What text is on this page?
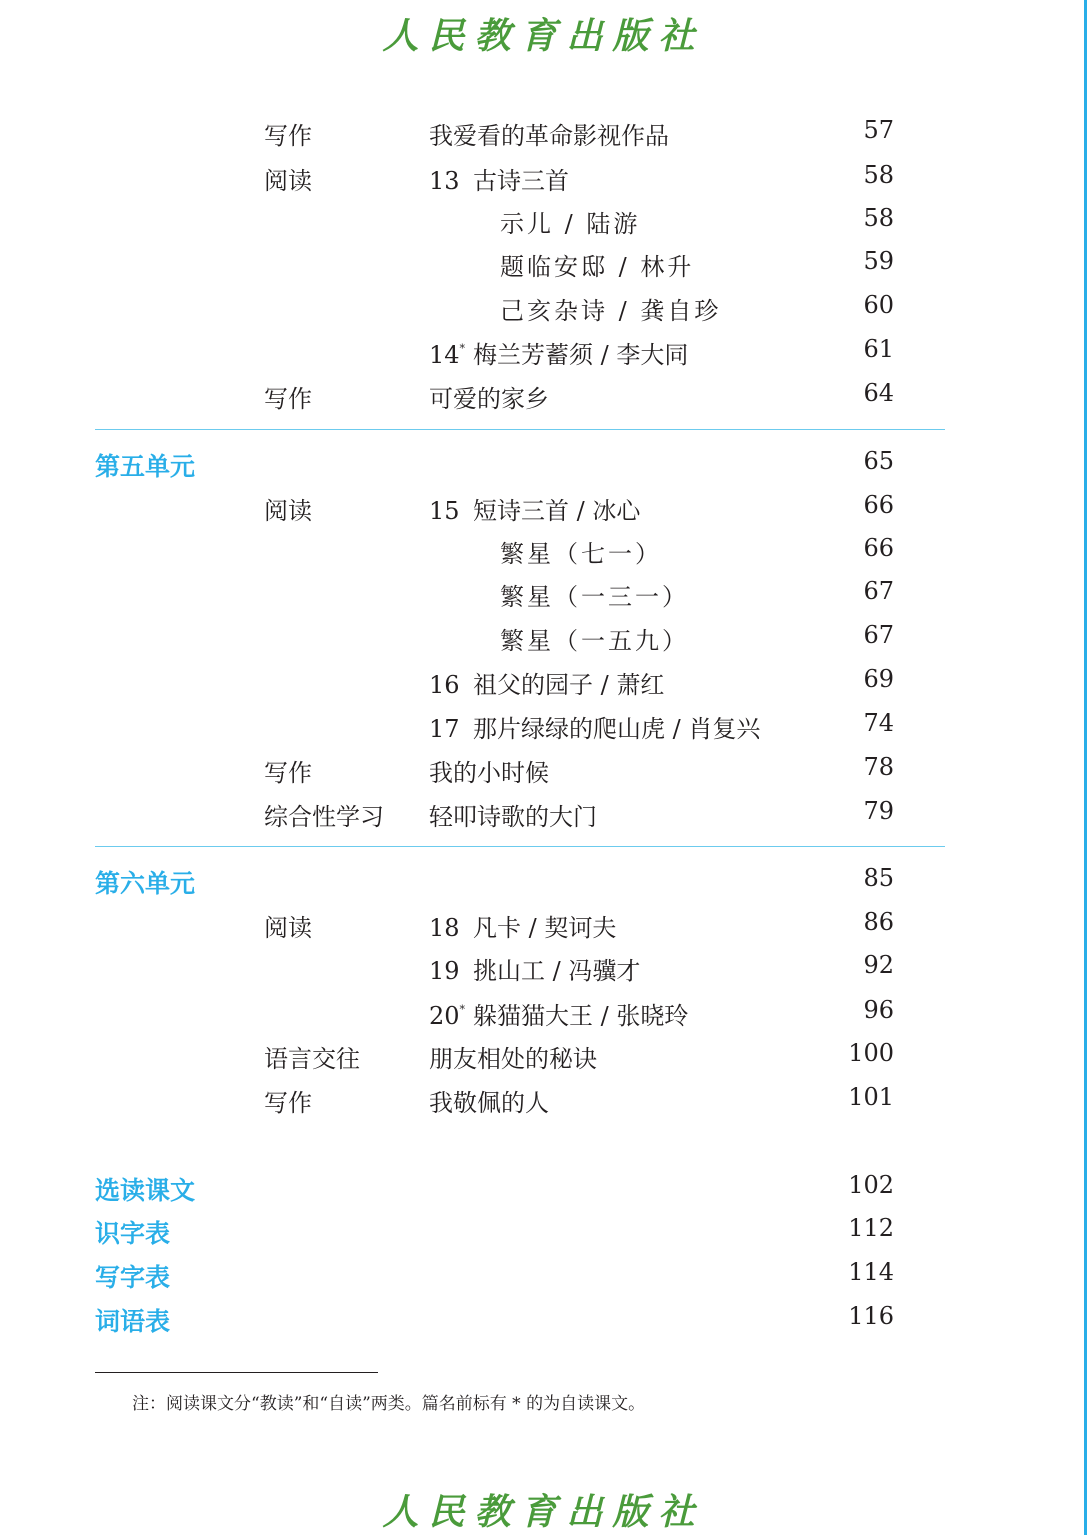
人民教育出版社
写作	我爱看的革命影视作品	57
阅读	13 古诗三首	58
示儿 / 陆游	58
题临安邸 / 林升	59
己亥杂诗 / 龚自珍	60
14* 梅兰芳蓄须 / 李大同	61
写作	可爱的家乡	64
第五单元	65
阅读	15 短诗三首 / 冰心	66
繁星（七一）	66
繁星（一三一）	67
繁星（一五九）	67
16 祖父的园子 / 萧红	69
17 那片绿绿的爬山虎 / 肖复兴	74
写作	我的小时候	78
综合性学习 轻叩诗歌的大门	79
第六单元	85
阅读	18 凡卡 / 契诃夫	86
19 挑山工 / 冯骥才	92
20* 躲猫猫大王 / 张晓玲	96
语言交往	朋友相处的秘诀	100
写作	我敬佩的人	101
选读课文	102
识字表	112
写字表	114
词语表	116
注：阅读课文分“教读”和“自读”两类。篇名前标有 * 的为自读课文。
人民教育出版社
